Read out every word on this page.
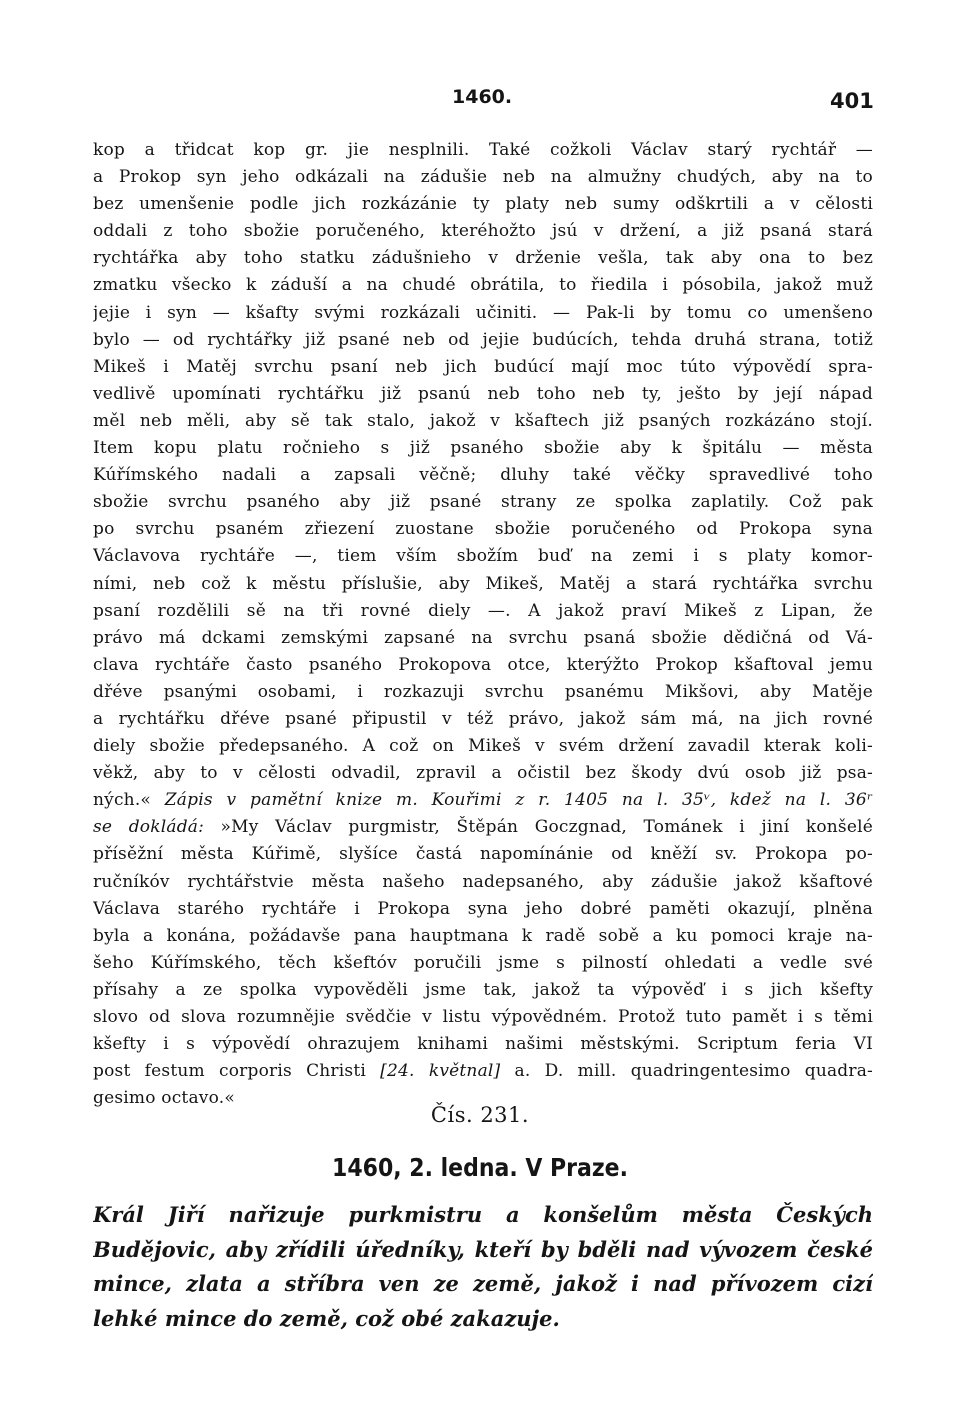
1460.	401
kop a třidcat kop gr. jie nesplnili. Také cožkoli Václav starý rychtář —
a Prokop syn jeho odkázali na zádušie neb na almužny chudých, aby na to
bez umenšenie podle jich rozkázánie ty platy neb sumy odškrtili a v cělosti
oddali z toho sbožie poručeného, kteréhožto jsú v držení, a již psaná stará
rychtářka aby toho statku zádušnieho v drženie vešla, tak aby ona to bez
zmatku všecko k záduší a na chudé obrátila, to řiedila i pósobila, jakož muž
jejie i syn — kšafty svými rozkázali učiniti. — Pak-li by tomu co umenšeno
bylo — od rychtářky již psané neb od jejie budúcích, tehda druhá strana, totiž
Mikeš i Matěj svrchu psaní neb jich budúcí mají moc túto výpovědí spra-
vedlivě upomínati rychtářku již psanú neb toho neb ty, ješto by její nápad
měl neb měli, aby sě tak stalo, jakož v kšaftech již psaných rozkázáno stojí.
Item kopu platu ročnieho s již psaného sbožie aby k špitálu — města
Kúřímského nadali a zapsali věčně; dluhy také věčky spravedlivé toho
sbožie svrchu psaného aby již psané strany ze spolka zaplatily. Což pak
po svrchu psaném zřiezení zuostane sbožie poručeného od Prokopa syna
Václavova rychtáře —, tiem vším sbožím buď na zemi i s platy komor-
ními, neb což k městu příslušie, aby Mikeš, Matěj a stará rychtářka svrchu
psaní rozdělili sě na tři rovné diely —. A jakož praví Mikeš z Lipan, že
právo má dckami zemskými zapsané na svrchu psaná sbožie dědičná od Vá-
clava rychtáře často psaného Prokopova otce, kterýžto Prokop kšaftoval jemu
dřéve psanými osobami, i rozkazuji svrchu psanému Mikšovi, aby Matěje
a rychtářku dřéve psané připustil v též právo, jakož sám má, na jich rovné
diely sbožie předepsaného. A což on Mikeš v svém držení zavadil kterak koli-
věkž, aby to v cělosti odvadil, zpravil a očistil bez škody dvú osob již psa-
ných.« Zápis v pamětní knize m. Kouřimi z r. 1405 na l. 35ᵛ, kdež na l. 36ʳ
se dokládá: »My Václav purgmistr, Štěpán Goczgnad, Tománek i jiní konšelé
přísěžní města Kúřimě, slyšíce častá napomínánie od kněží sv. Prokopa po-
ručníkóv rychtářstvie města našeho nadepsaného, aby zádušie jakož kšaftové
Václava starého rychtáře i Prokopa syna jeho dobré paměti okazují, plněna
byla a konána, požádavše pana hauptmana k radě sobě a ku pomoci kraje na-
šeho Kúřímského, těch kšeftóv poručili jsme s pilností ohledati a vedle své
přísahy a ze spolka vypověděli jsme tak, jakož ta výpověď i s jich kšefty
slovo od slova rozumnějie svědčie v listu výpovědném. Protož tuto pamět i s těmi
kšefty i s výpovědí ohrazujem knihami našimi městskými. Scriptum feria VI
post festum corporis Christi [24. květnal] a. D. mill. quadringentesimo quadra-
gesimo octavo.«
Čís. 231.
1460, 2. ledna. V Praze.
Král Jiří nařizuje purkmistru a konšelům města Českých
Budějovic, aby zřídili úředníky, kteří by bděli nad vývozem české
mince, zlata a stříbra ven ze země, jakož i nad přívozem cizí
lehké mince do země, což obé zakazuje.
